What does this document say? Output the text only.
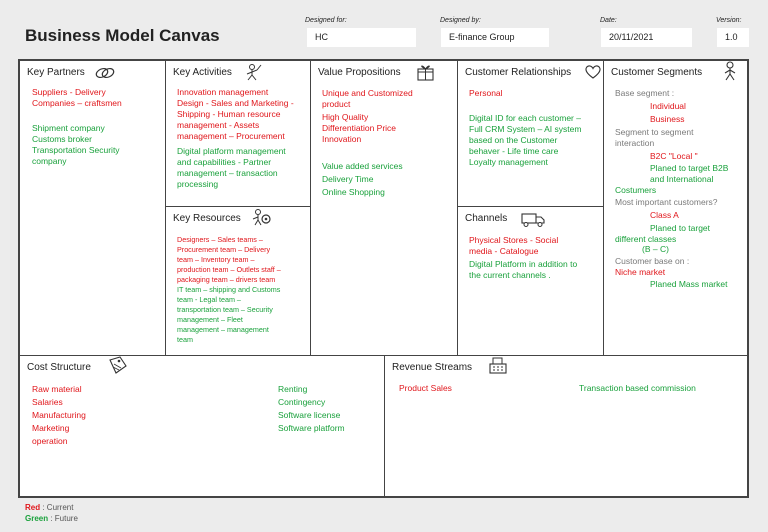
Business Model Canvas
Designed for:
HC
Designed by:
E-finance Group
Date:
20/11/2021
Version:
1.0
Key Partners
Suppliers - Delivery
Companies – craftsmen
Shipment company
Customs broker
Transportation Security
company
Key Activities
Innovation management
Design - Sales and Marketing -
Shipping - Human resource
management - Assets
management – Procurement
Digital platform management
and capabilities - Partner
management – transaction
processing
Key Resources
Designers – Sales teams –
Procurement team – Delivery
team – Inventory team –
production team – Outlets staff –
packaging team – drivers team
IT team – shipping and Customs
team - Legal team –
transportation team – Security
management – Fleet
management – management
team
Value Propositions
Unique and Customized
product
High Quality
Differentiation Price
Innovation
Value added services
Delivery Time
Online Shopping
Customer Relationships
Personal
Digital ID for each customer –
Full CRM System – AI system
based on the Customer
behaver - Life time care
Loyalty management
Channels
Physical Stores - Social
media - Catalogue
Digital Platform in addition to
the current channels .
Customer Segments
Base segment :
Individual
Business
Segment to segment
interaction
B2C "Local "
Planed to target B2B
and International
Costumers
Most important customers?
Class A
Planed to target
different classes
(B – C)
Customer base on :
Niche market
Planed Mass market
Cost Structure
Raw material
Salaries
Manufacturing
Marketing
operation
Renting
Contingency
Software license
Software platform
Revenue Streams
Product Sales	Transaction based commission
Red : Current
Green : Future
